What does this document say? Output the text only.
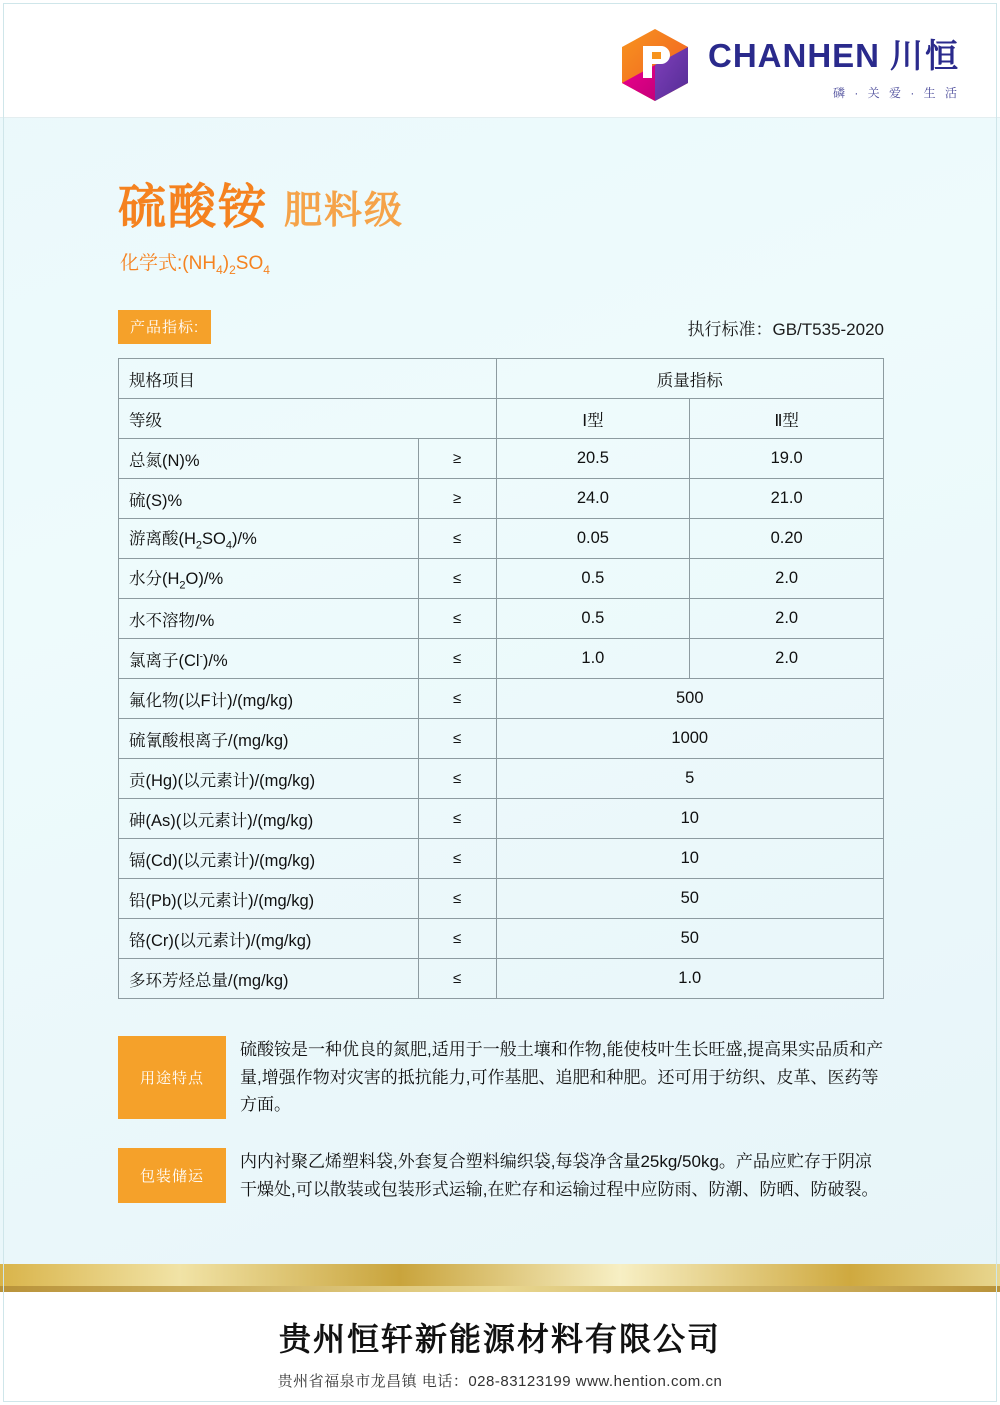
CHANHEN 川恒
磷 · 关 爱 · 生 活
硫酸铵 肥料级
化学式$:(NH_4)_2SO_4$
产品指标:	执行标准：GB/T535-2020
规格项目		质量指标	
等级		Ⅰ型	Ⅱ型
总氮(N)%	≥	20.5	19.0
硫(S)%	≥	24.0	21.0
游离酸$(H_2SO_4)/\%$	≤	0.05	0.20
水分$(H_2O)/\%$	≤	0.5	2.0
水不溶物/%	≤	0.5	2.0
氯离子(Cl-)/%	≤	1.0	2.0
氟化物(以F计)/(mg/kg)	≤	500	
硫氰酸根离子/(mg/kg)	≤	1000	
贡(Hg)(以元素计)/(mg/kg)	≤	5	
砷(As)(以元素计)/(mg/kg)	≤	10	
镉(Cd)(以元素计)/(mg/kg)	≤	10	
铅(Pb)(以元素计)/(mg/kg)	≤	50	
铬(Cr)(以元素计)/(mg/kg)	≤	50	
多环芳烃总量/(mg/kg)	≤	1.0	
用途特点
硫酸铵是一种优良的氮肥,适用于一般土壤和作物,能使枝叶生长旺盛,提高果实品质和产量,增强作物对灾害的抵抗能力,可作基肥、追肥和种肥。还可用于纺织、皮革、医药等方面。
包装储运
内内衬聚乙烯塑料袋,外套复合塑料编织袋,每袋净含量25kg/50kg。产品应贮存于阴凉干燥处,可以散装或包装形式运输,在贮存和运输过程中应防雨、防潮、防晒、防破裂。
贵州恒轩新能源材料有限公司
贵州省福泉市龙昌镇 电话：028-83123199 www.hention.com.cn
